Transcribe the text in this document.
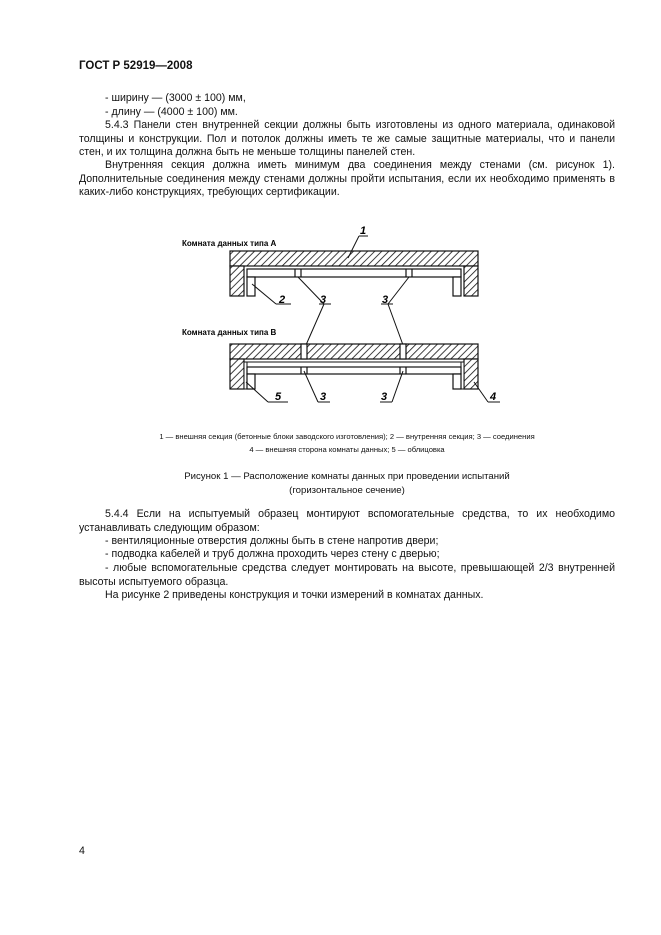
ГОСТ Р 52919—2008

- ширину — (3000 ± 100) мм,

- длину — (4000 ± 100) мм.

5.4.3 Панели стен внутренней секции должны быть изготовлены из одного материала, одинаковой толщины и конструкции. Пол и потолок должны иметь те же самые защитные материалы, что и панели стен, и их толщина должна быть не меньше толщины панелей стен.

Внутренняя секция должна иметь минимум два соединения между стенами (см. рисунок 1). Дополнительные соединения между стенами должны пройти испытания, если их необходимо применять в каких-либо конструкциях, требующих сертификации.

Комната данных типа А
1
2	3	3
Комната данных типа В
5	3	3	4
1 — внешняя секция (бетонные блоки заводского изготовления); 2 — внутренняя секция; 3 — соединения
4 — внешняя сторона комнаты данных; 5 — облицовка
Рисунок 1 — Расположение комнаты данных при проведении испытаний
(горизонтальное сечение)

5.4.4 Если на испытуемый образец монтируют вспомогательные средства, то их необходимо устанавливать следующим образом:

- вентиляционные отверстия должны быть в стене напротив двери;

- подводка кабелей и труб должна проходить через стену с дверью;

- любые вспомогательные средства следует монтировать на высоте, превышающей 2/3 внутренней высоты испытуемого образца.

На рисунке 2 приведены конструкция и точки измерений в комнатах данных.

4
